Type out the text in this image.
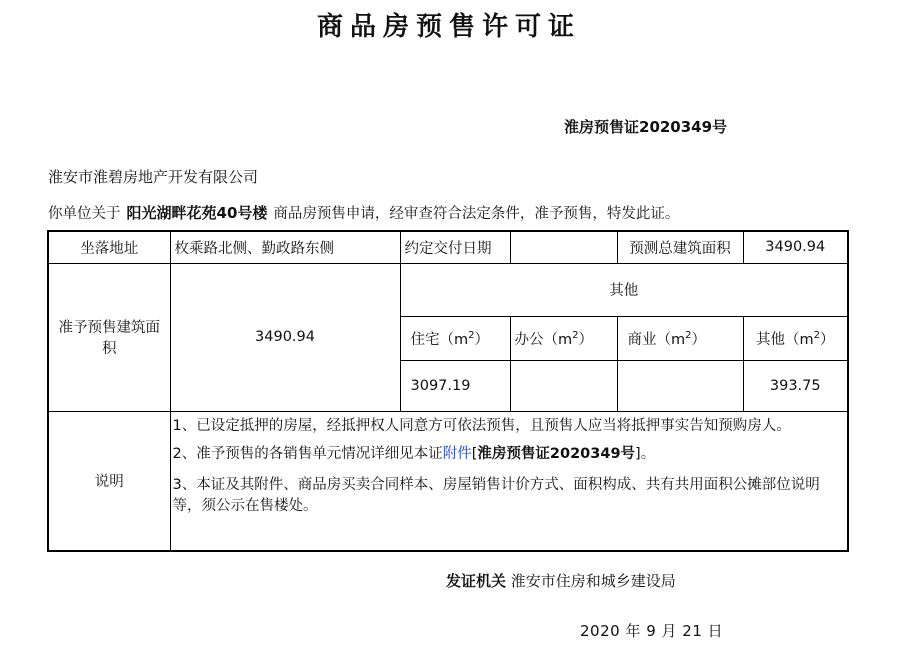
商品房预售许可证
淮房预售证2020349号
淮安市淮碧房地产开发有限公司
你单位关于 阳光湖畔花苑40号楼 商品房预售申请，经审查符合法定条件，准予预售，特发此证。
坐落地址	枚乘路北侧、勤政路东侧	约定交付日期		预测总建筑面积	3490.94
准予预售建筑面积	3490.94	其他			
		住宅$(m^2)$	办公$(m^2)$	商业$(m^2)$	其他$(m^2)$
		3097.19			393.75
说明	1、已设定抵押的房屋，经抵押权人同意方可依法预售，且预售人应当将抵押事实告知预购房人。

2、准予预售的各销售单元情况详细见本证附件[淮房预售证2020349号]。

3、本证及其附件、商品房买卖合同样本、房屋销售计价方式、面积构成、共有共用面积公摊部位说明等，须公示在售楼处。				

发证机关 淮安市住房和城乡建设局
2020 年 9 月 21 日
